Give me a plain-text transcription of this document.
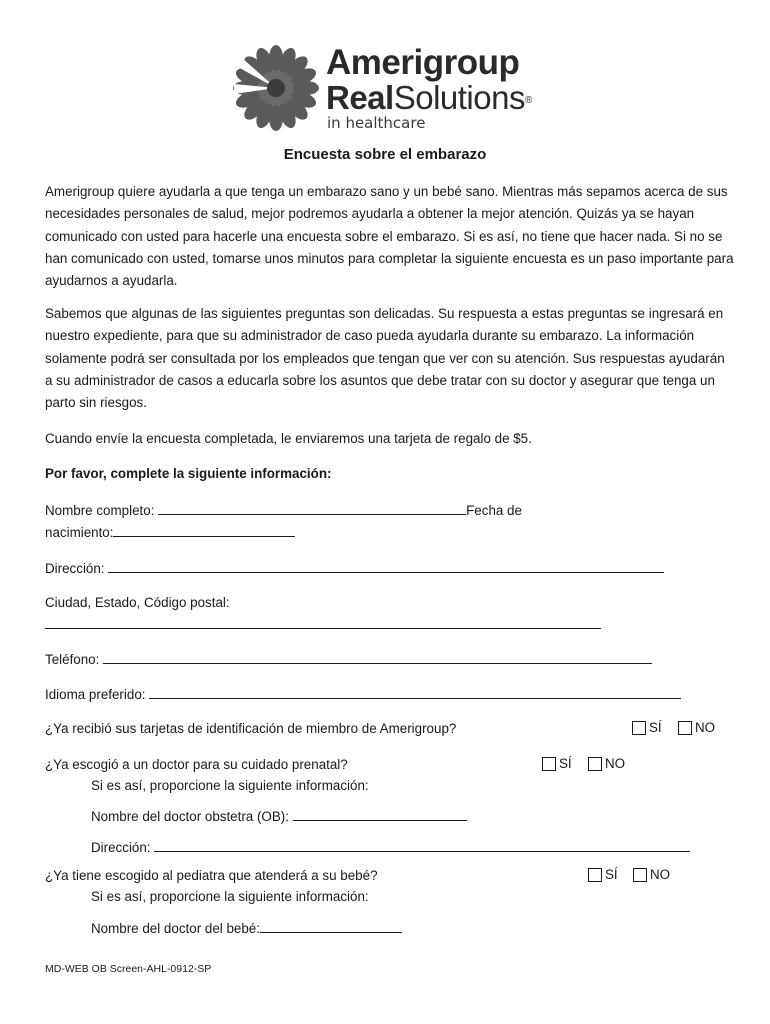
Amerigroup
RealSolutions®
in healthcare
Encuesta sobre el embarazo

Amerigroup quiere ayudarla a que tenga un embarazo sano y un bebé sano. Mientras más sepamos acerca de sus necesidades personales de salud, mejor podremos ayudarla a obtener la mejor atención. Quizás ya se hayan comunicado con usted para hacerle una encuesta sobre el embarazo. Si es así, no tiene que hacer nada. Si no se han comunicado con usted, tomarse unos minutos para completar la siguiente encuesta es un paso importante para ayudarnos a ayudarla.

Sabemos que algunas de las siguientes preguntas son delicadas. Su respuesta a estas preguntas se ingresará en nuestro expediente, para que su administrador de caso pueda ayudarla durante su embarazo. La información solamente podrá ser consultada por los empleados que tengan que ver con su atención. Sus respuestas ayudarán a su administrador de casos a educarla sobre los asuntos que debe tratar con su doctor y asegurar que tenga un parto sin riesgos.

Cuando envíe la encuesta completada, le enviaremos una tarjeta de regalo de $5.

Por favor, complete la siguiente información:

Nombre completo:	Fecha de
nacimiento:
Dirección:
Ciudad, Estado, Código postal:
Teléfono:
Idioma preferido:
¿Ya recibió sus tarjetas de identificación de miembro de Amerigroup?	SÍ NO
¿Ya escogió a un doctor para su cuidado prenatal?	SÍ NO
Si es así, proporcione la siguiente información:
Nombre del doctor obstetra (OB):
Dirección:
¿Ya tiene escogido al pediatra que atenderá a su bebé?	SÍ NO
Si es así, proporcione la siguiente información:
Nombre del doctor del bebé:
MD-WEB OB Screen-AHL-0912-SP
